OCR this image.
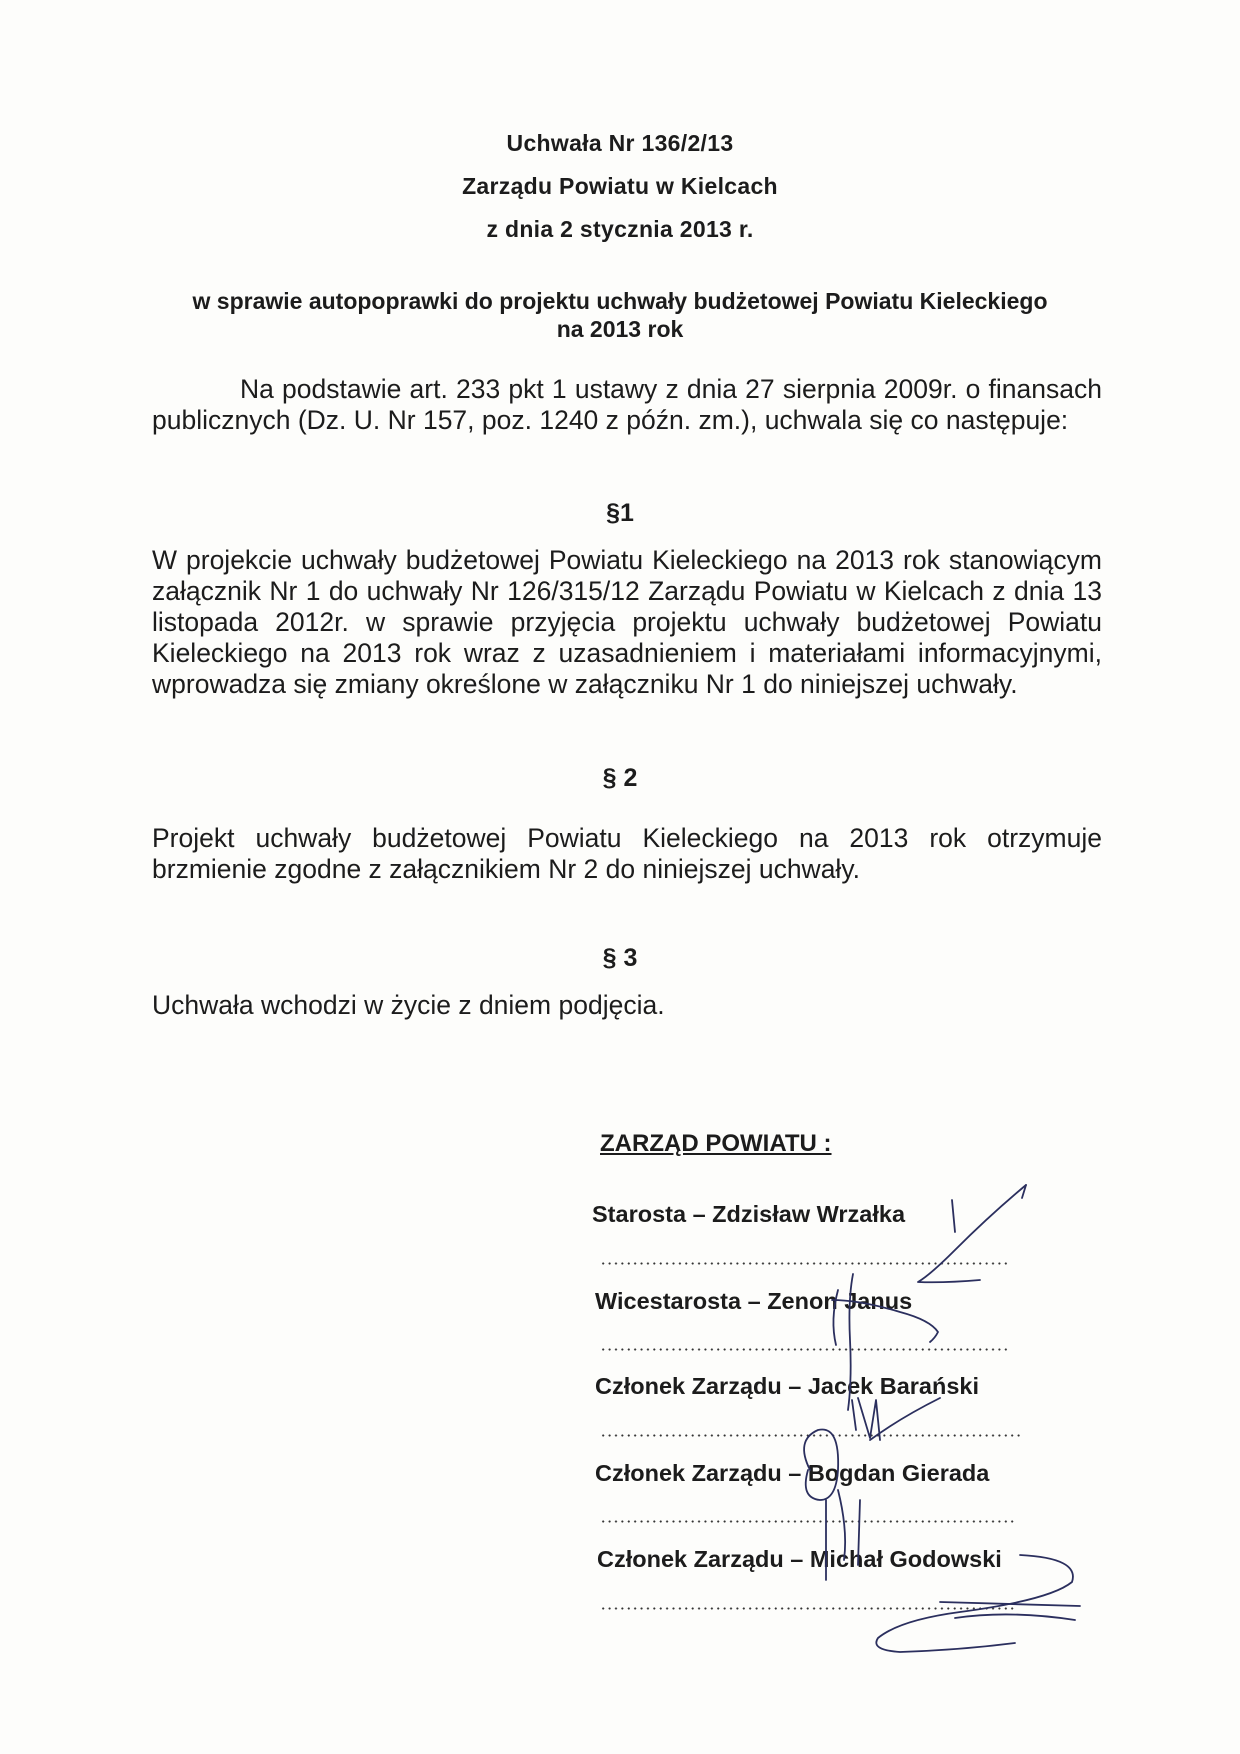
Uchwała Nr 136/2/13
Zarządu Powiatu w Kielcach
z dnia 2 stycznia 2013 r.
w sprawie autopoprawki do projektu uchwały budżetowej Powiatu Kieleckiego
na 2013 rok
Na podstawie art. 233 pkt 1 ustawy z dnia 27 sierpnia 2009r. o finansach publicznych (Dz. U. Nr 157, poz. 1240 z późn. zm.), uchwala się co następuje:
§1
W projekcie uchwały budżetowej Powiatu Kieleckiego na 2013 rok stanowiącym załącznik Nr 1 do uchwały Nr 126/315/12 Zarządu Powiatu w Kielcach z dnia 13 listopada 2012r. w sprawie przyjęcia projektu uchwały budżetowej Powiatu Kieleckiego na 2013 rok wraz z uzasadnieniem i materiałami informacyjnymi, wprowadza się zmiany określone w załączniku Nr 1 do niniejszej uchwały.
§ 2
Projekt uchwały budżetowej Powiatu Kieleckiego na 2013 rok otrzymuje brzmienie zgodne z załącznikiem Nr 2 do niniejszej uchwały.
§ 3
Uchwała wchodzi w życie z dniem podjęcia.
ZARZĄD POWIATU :
Starosta – Zdzisław Wrzałka
Wicestarosta – Zenon Janus
Członek Zarządu – Jacek Barański
Członek Zarządu – Bogdan Gierada
Członek Zarządu – Michał Godowski
